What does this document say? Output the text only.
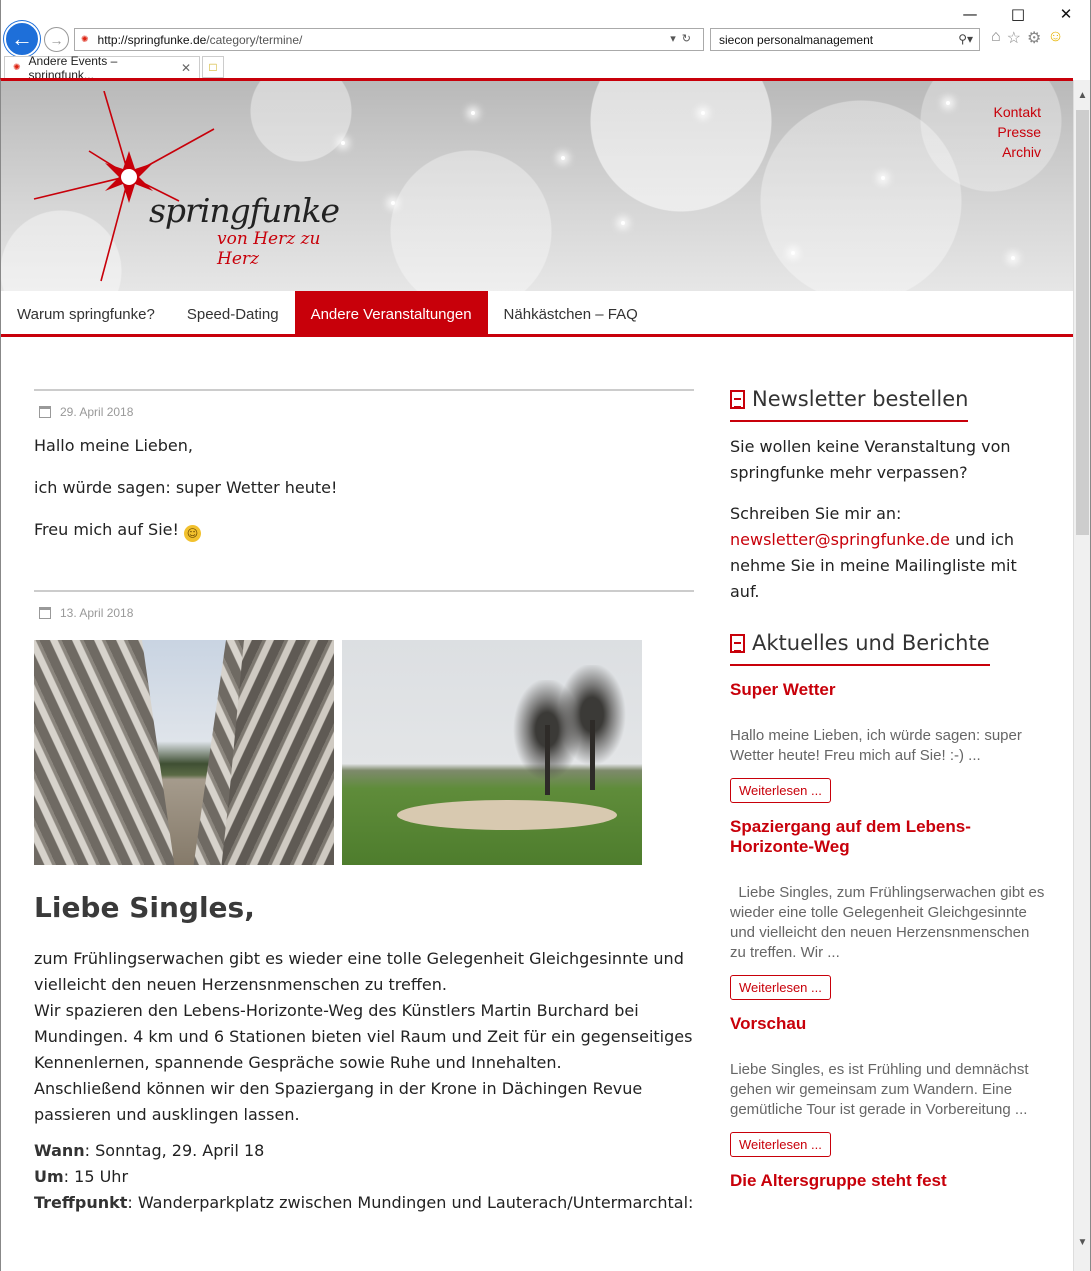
—	□	✕
← → ✺ http://springfunke.de /category/termine/	▾↻	siecon personalmanagement	⚲▾ ⌂ ☆ ⚙ ☺
✺ Andere Events – springfunk...	✕ □
springfunke
von Herz zu Herz
Kontakt
Presse
Archiv
Warum springfunke?	Speed-Dating	Andere Veranstaltungen	Nähkästchen – FAQ
29. April 2018

Hallo meine Lieben,

ich würde sagen: super Wetter heute!

Freu mich auf Sie! ☺

13. April 2018
Liebe Singles,

zum Frühlingserwachen gibt es wieder eine tolle Gelegenheit Gleichgesinnte und vielleicht den neuen Herzensnmenschen zu treffen.
Wir spazieren den Lebens-Horizonte-Weg des Künstlers Martin Burchard bei Mundingen. 4 km und 6 Stationen bieten viel Raum und Zeit für ein gegenseitiges Kennenlernen, spannende Gespräche sowie Ruhe und Innehalten.
Anschließend können wir den Spaziergang in der Krone in Dächingen Revue passieren und ausklingen lassen.

Wann: Sonntag, 29. April 18
Um: 15 Uhr
Treffpunkt: Wanderparkplatz zwischen Mundingen und Lauterach/Untermarchtal:

Newsletter bestellen

Sie wollen keine Veranstaltung von springfunke mehr verpassen?

Schreiben Sie mir an:
newsletter@springfunke.de und ich nehme Sie in meine Mailingliste mit auf.

Aktuelles und Berichte
Super Wetter
Hallo meine Lieben, ich würde sagen: super Wetter heute! Freu mich auf Sie! :-) ...
Weiterlesen ...
Spaziergang auf dem Lebens-Horizonte-Weg
Liebe Singles, zum Frühlingserwachen gibt es wieder eine tolle Gelegenheit Gleichgesinnte und vielleicht den neuen Herzensnmenschen zu treffen. Wir ...
Weiterlesen ...
Vorschau
Liebe Singles, es ist Frühling und demnächst gehen wir gemeinsam zum Wandern. Eine gemütliche Tour ist gerade in Vorbereitung ...
Weiterlesen ...
Die Altersgruppe steht fest
▲
▼
